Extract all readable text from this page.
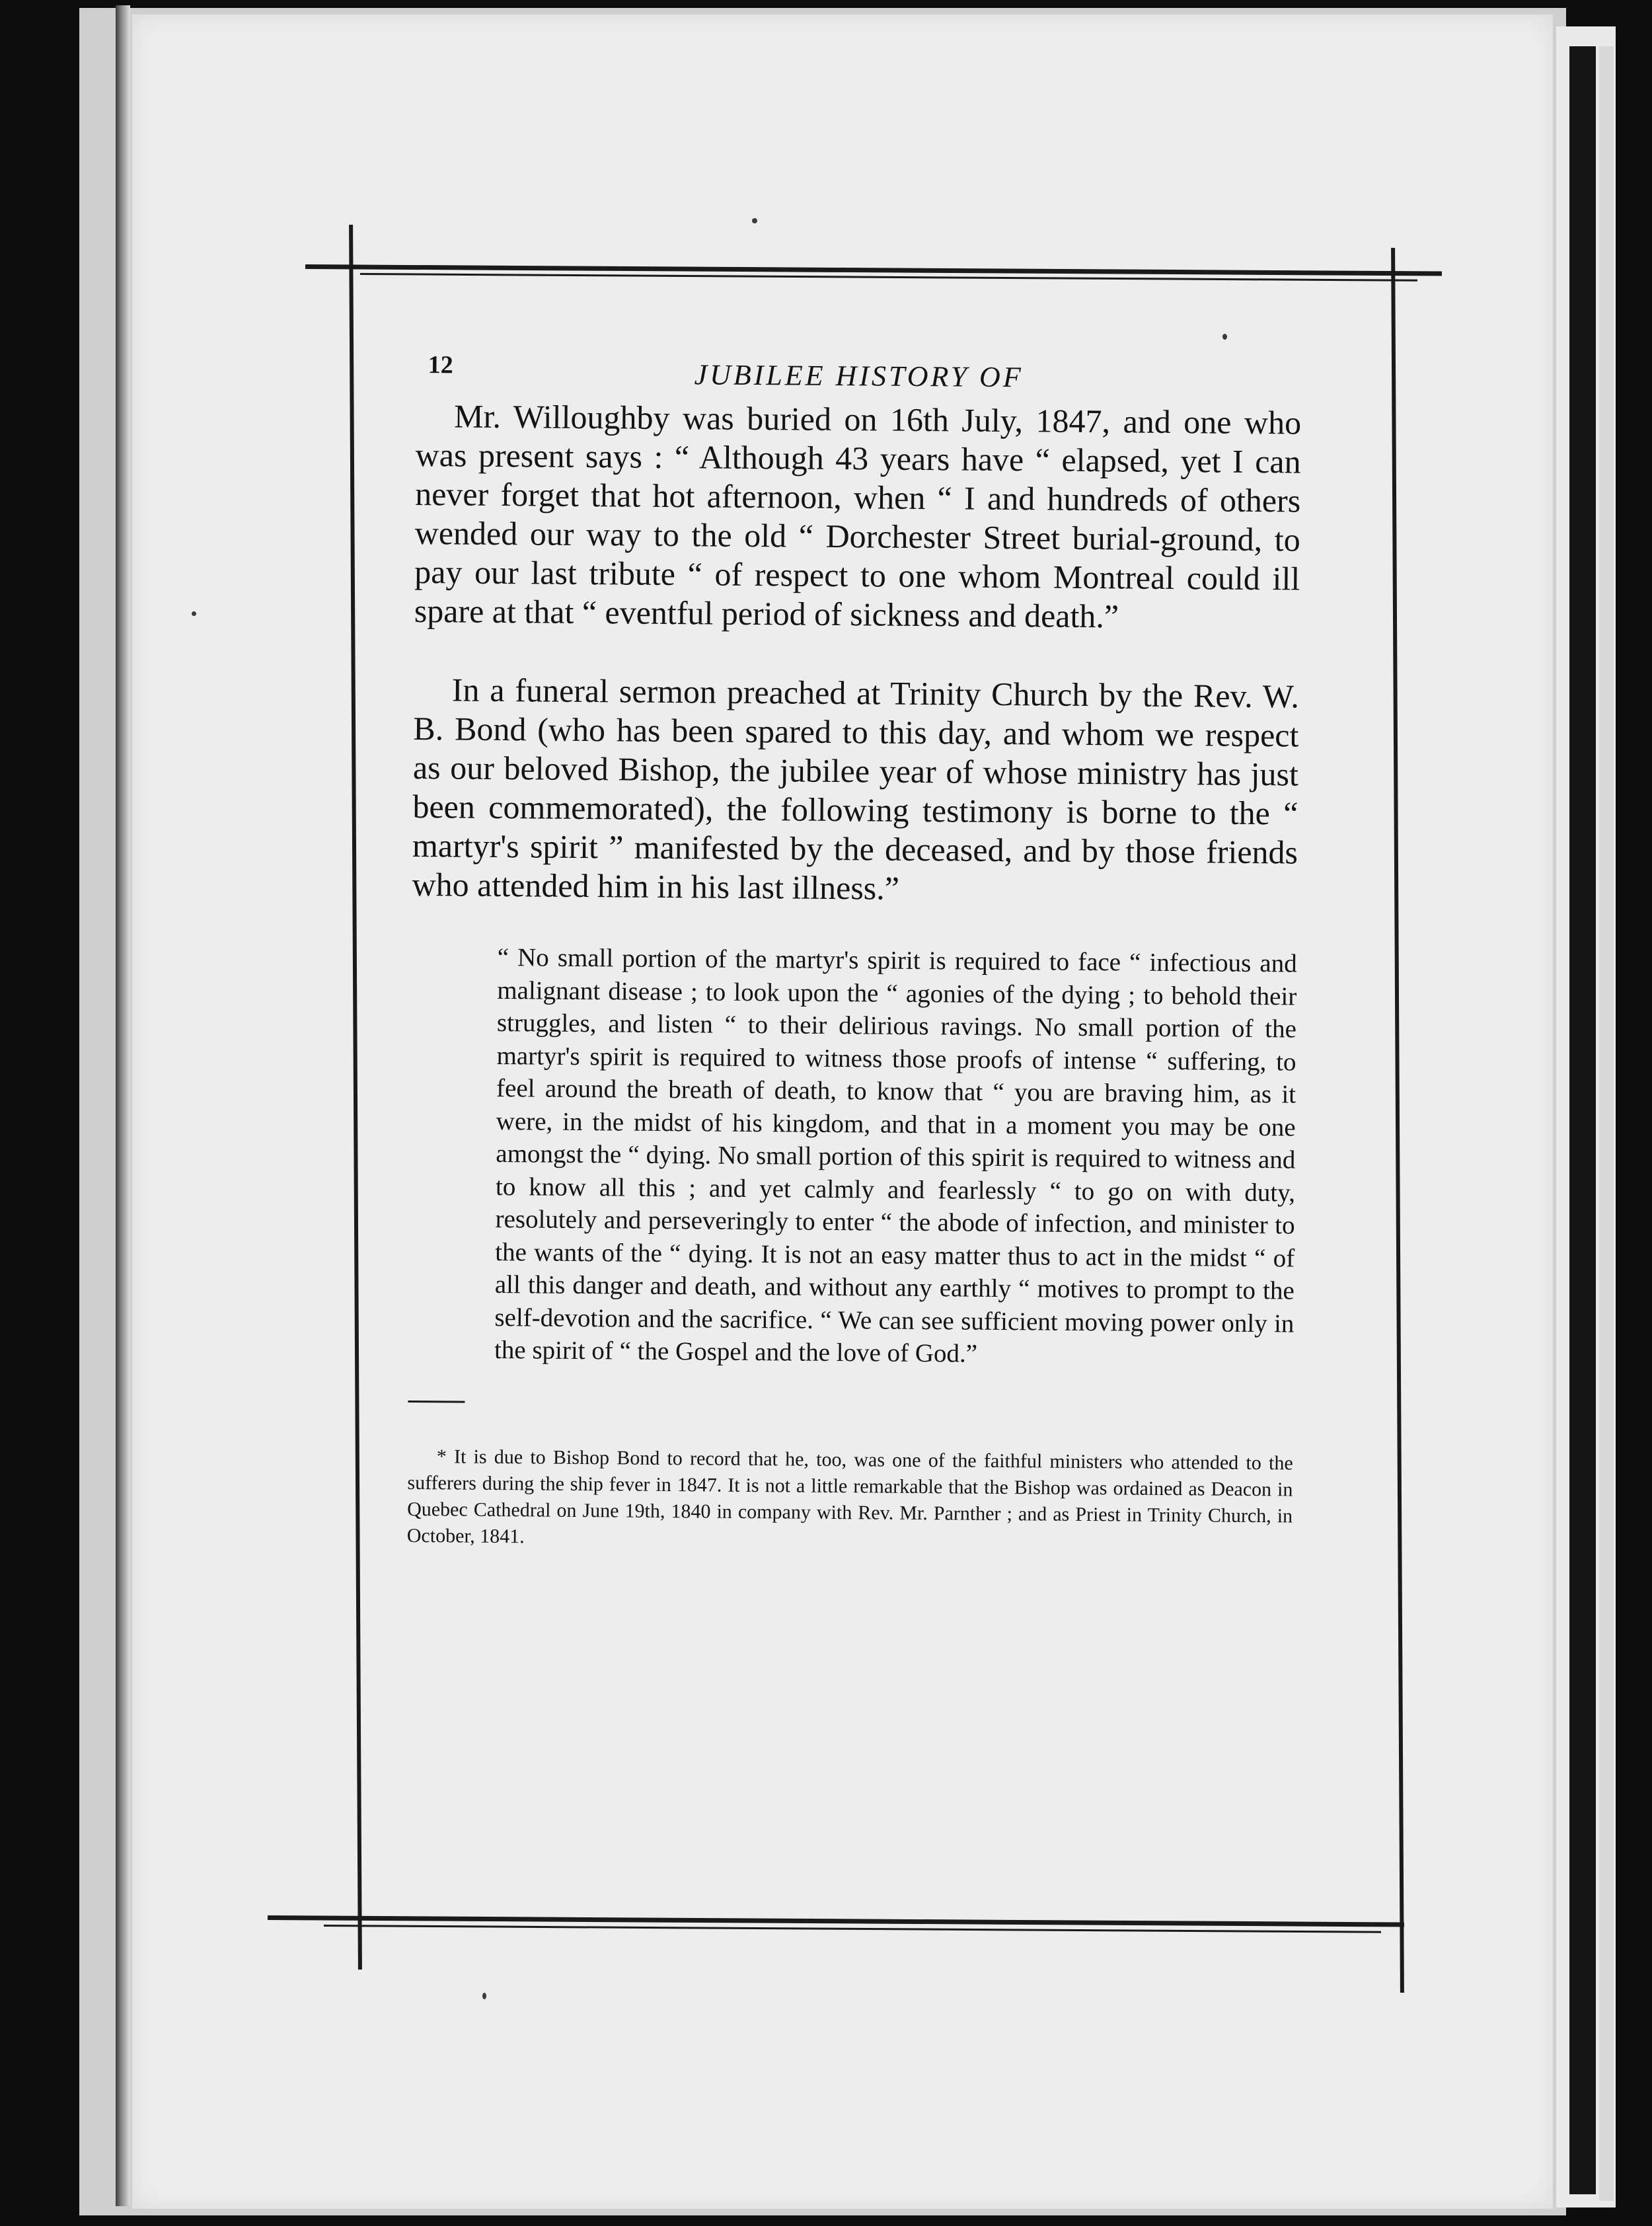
12	JUBILEE HISTORY OF

Mr. Willoughby was buried on 16th July, 1847, and one who was present says : “ Although 43 years have “ elapsed, yet I can never forget that hot afternoon, when “ I and hundreds of others wended our way to the old “ Dorchester Street burial-ground, to pay our last tribute “ of respect to one whom Montreal could ill spare at that “ eventful period of sickness and death.”

In a funeral sermon preached at Trinity Church by the Rev. W. B. Bond (who has been spared to this day, and whom we respect as our beloved Bishop, the jubilee year of whose ministry has just been commemorated), the following testimony is borne to the “ martyr's spirit ” manifested by the deceased, and by those friends who attended him in his last illness.”

“ No small portion of the martyr's spirit is required to face “ infectious and malignant disease ; to look upon the “ agonies of the dying ; to behold their struggles, and listen “ to their delirious ravings. No small portion of the martyr's spirit is required to witness those proofs of intense “ suffering, to feel around the breath of death, to know that “ you are braving him, as it were, in the midst of his kingdom, and that in a moment you may be one amongst the “ dying. No small portion of this spirit is required to witness and to know all this ; and yet calmly and fearlessly “ to go on with duty, resolutely and perseveringly to enter “ the abode of infection, and minister to the wants of the “ dying. It is not an easy matter thus to act in the midst “ of all this danger and death, and without any earthly “ motives to prompt to the self-devotion and the sacrifice. “ We can see sufficient moving power only in the spirit of “ the Gospel and the love of God.”

* It is due to Bishop Bond to record that he, too, was one of the faithful ministers who attended to the sufferers during the ship fever in 1847. It is not a little remarkable that the Bishop was ordained as Deacon in Quebec Cathedral on June 19th, 1840 in company with Rev. Mr. Parnther ; and as Priest in Trinity Church, in October, 1841.
